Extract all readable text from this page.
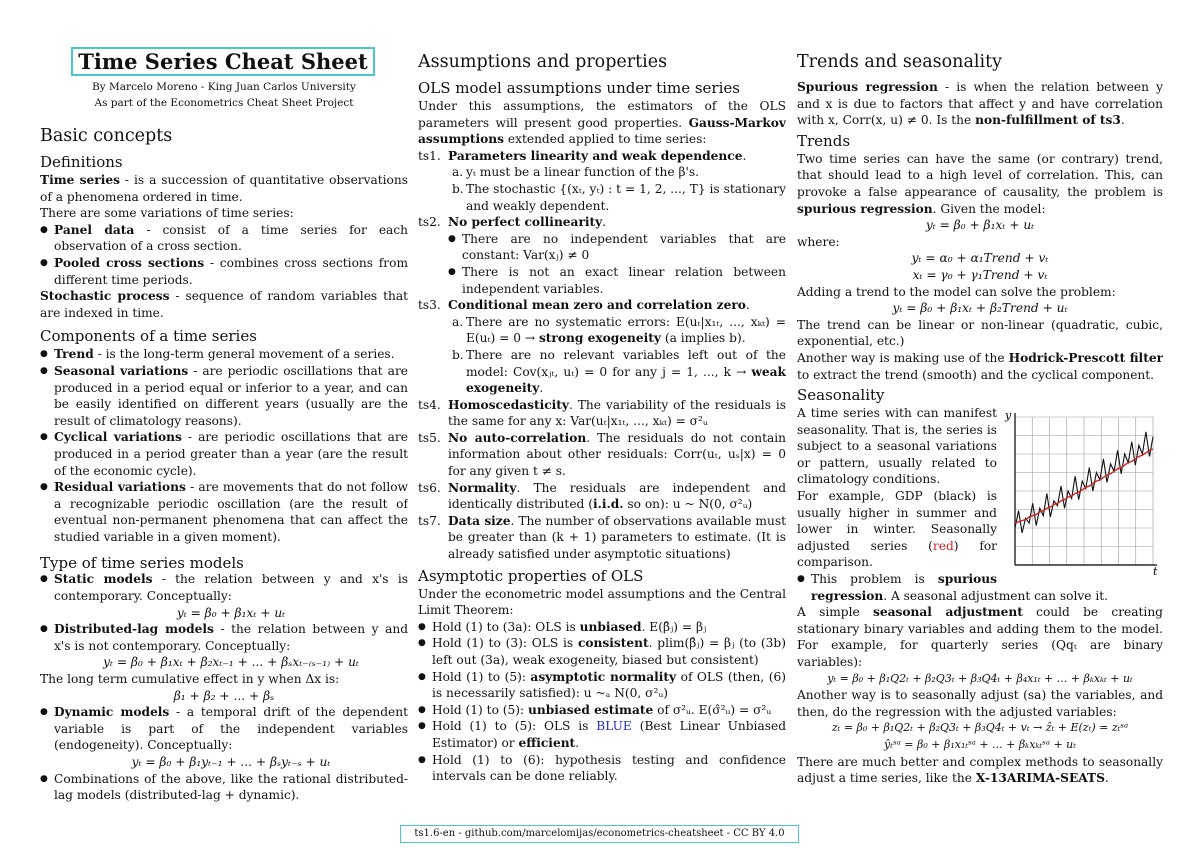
Time Series Cheat Sheet
By Marcelo Moreno - King Juan Carlos University
As part of the Econometrics Cheat Sheet Project
Basic concepts
Definitions

Time series - is a succession of quantitative observations of a phenomena ordered in time.

There are some variations of time series:

● Panel data - consist of a time series for each observation of a cross section.
● Pooled cross sections - combines cross sections from different time periods.

Stochastic process - sequence of random variables that are indexed in time.

Components of a time series
● Trend - is the long-term general movement of a series.
● Seasonal variations - are periodic oscillations that are produced in a period equal or inferior to a year, and can be easily identified on different years (usually are the result of climatology reasons).
● Cyclical variations - are periodic oscillations that are produced in a period greater than a year (are the result of the economic cycle).
● Residual variations - are movements that do not follow a recognizable periodic oscillation (are the result of eventual non-permanent phenomena that can affect the studied variable in a given moment).
Type of time series models
● Static models - the relation between y and x's is contemporary. Conceptually:
yₜ = β₀ + β₁xₜ + uₜ
● Distributed-lag models - the relation between y and x's is not contemporary. Conceptually:
yₜ = β₀ + β₁xₜ + β₂xₜ₋₁ + ... + βₛxₜ₋₍ₛ₋₁₎ + uₜ

The long term cumulative effect in y when Δx is:

β₁ + β₂ + ... + βₛ
● Dynamic models - a temporal drift of the dependent variable is part of the independent variables (endogeneity). Conceptually:
yₜ = β₀ + β₁yₜ₋₁ + ... + βₛyₜ₋ₛ + uₜ
● Combinations of the above, like the rational distributed-lag models (distributed-lag + dynamic).
Assumptions and properties
OLS model assumptions under time series

Under this assumptions, the estimators of the OLS parameters will present good properties. Gauss-Markov assumptions extended applied to time series:

ts1. Parameters linearity and weak dependence.
a. yₜ must be a linear function of the β's.
b. The stochastic {(xₜ, yₜ) : t = 1, 2, ..., T} is stationary and weakly dependent.
ts2. No perfect collinearity.
● There are no independent variables that are constant: Var(xⱼ) ≠ 0
● There is not an exact linear relation between independent variables.
ts3. Conditional mean zero and correlation zero.
a. There are no systematic errors: E(uₜ|x₁ₜ, ..., xₖₜ) = E(uₜ) = 0 → strong exogeneity (a implies b).
b. There are no relevant variables left out of the model: Cov(xⱼₜ, uₜ) = 0 for any j = 1, ..., k → weak exogeneity.
ts4. Homoscedasticity. The variability of the residuals is the same for any x: Var(uₜ|x₁ₜ, ..., xₖₜ) = σ²ᵤ
ts5. No auto-correlation. The residuals do not contain information about other residuals: Corr(uₜ, uₛ|x) = 0 for any given t ≠ s.
ts6. Normality. The residuals are independent and identically distributed (i.i.d. so on): u ~ N(0, σ²ᵤ)
ts7. Data size. The number of observations available must be greater than (k + 1) parameters to estimate. (It is already satisfied under asymptotic situations)
Asymptotic properties of OLS

Under the econometric model assumptions and the Central Limit Theorem:

● Hold (1) to (3a): OLS is unbiased. E(β̂ⱼ) = βⱼ
● Hold (1) to (3): OLS is consistent. plim(β̂ⱼ) = βⱼ (to (3b) left out (3a), weak exogeneity, biased but consistent)
● Hold (1) to (5): asymptotic normality of OLS (then, (6) is necessarily satisfied): u ~ₐ N(0, σ²ᵤ)
● Hold (1) to (5): unbiased estimate of σ²ᵤ. E(σ̂²ᵤ) = σ²ᵤ
● Hold (1) to (5): OLS is BLUE (Best Linear Unbiased Estimator) or efficient.
● Hold (1) to (6): hypothesis testing and confidence intervals can be done reliably.
Trends and seasonality

Spurious regression - is when the relation between y and x is due to factors that affect y and have correlation with x, Corr(x, u) ≠ 0. Is the non-fulfillment of ts3.

Trends

Two time series can have the same (or contrary) trend, that should lead to a high level of correlation. This, can provoke a false appearance of causality, the problem is spurious regression. Given the model:

yₜ = β₀ + β₁xₜ + uₜ

where:

yₜ = α₀ + α₁Trend + vₜ
xₜ = γ₀ + γ₁Trend + vₜ

Adding a trend to the model can solve the problem:

yₜ = β₀ + β₁xₜ + β₂Trend + uₜ

The trend can be linear or non-linear (quadratic, cubic, exponential, etc.)

Another way is making use of the Hodrick-Prescott filter to extract the trend (smooth) and the cyclical component.

Seasonality
y
t

A time series with can manifest seasonality. That is, the series is subject to a seasonal variations or pattern, usually related to climatology conditions.

For example, GDP (black) is usually higher in summer and lower in winter. Seasonally adjusted series (red) for comparison.

● This problem is spurious regression. A seasonal adjustment can solve it.

A simple seasonal adjustment could be creating stationary binary variables and adding them to the model. For example, for quarterly series (Qqₜ are binary variables):

yₜ = β₀ + β₁Q2ₜ + β₂Q3ₜ + β₃Q4ₜ + β₄x₁ₜ + ... + βₖxₖₜ + uₜ

Another way is to seasonally adjust (sa) the variables, and then, do the regression with the adjusted variables:

zₜ = β₀ + β₁Q2ₜ + β₂Q3ₜ + β₃Q4ₜ + vₜ → ẑₜ + E(zₜ) = zₜˢᵃ
ŷₜˢᵃ = β₀ + β₁x₁ₜˢᵃ + ... + βₖxₖₜˢᵃ + uₜ

There are much better and complex methods to seasonally adjust a time series, like the X-13ARIMA-SEATS.

ts1.6-en - github.com/marcelomijas/econometrics-cheatsheet - CC BY 4.0
